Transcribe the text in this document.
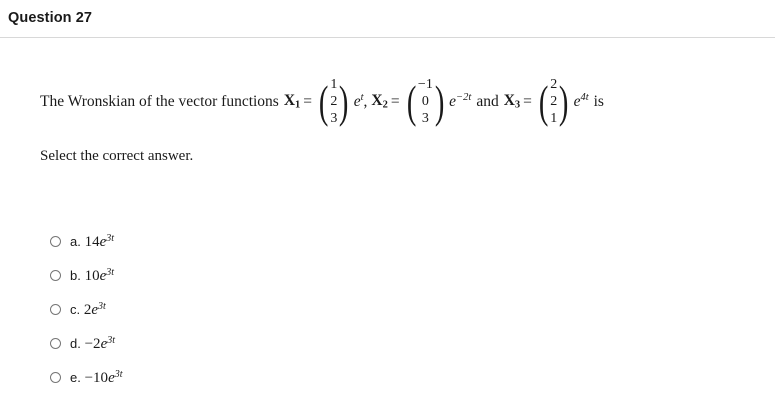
Question 27
The Wronskian of the vector functions $X_1$ = ( 1
2
3 ) $e^t$ , $X_2$ = ( −1
0
3 ) $e^{-2t}$ and $X_3$ = ( 2
2
1 ) $e^{4t}$ is
Select the correct answer.
a. $14e^{3t}$
b. $10e^{3t}$
c. $2e^{3t}$
d. $-2e^{3t}$
e. $-10e^{3t}$
